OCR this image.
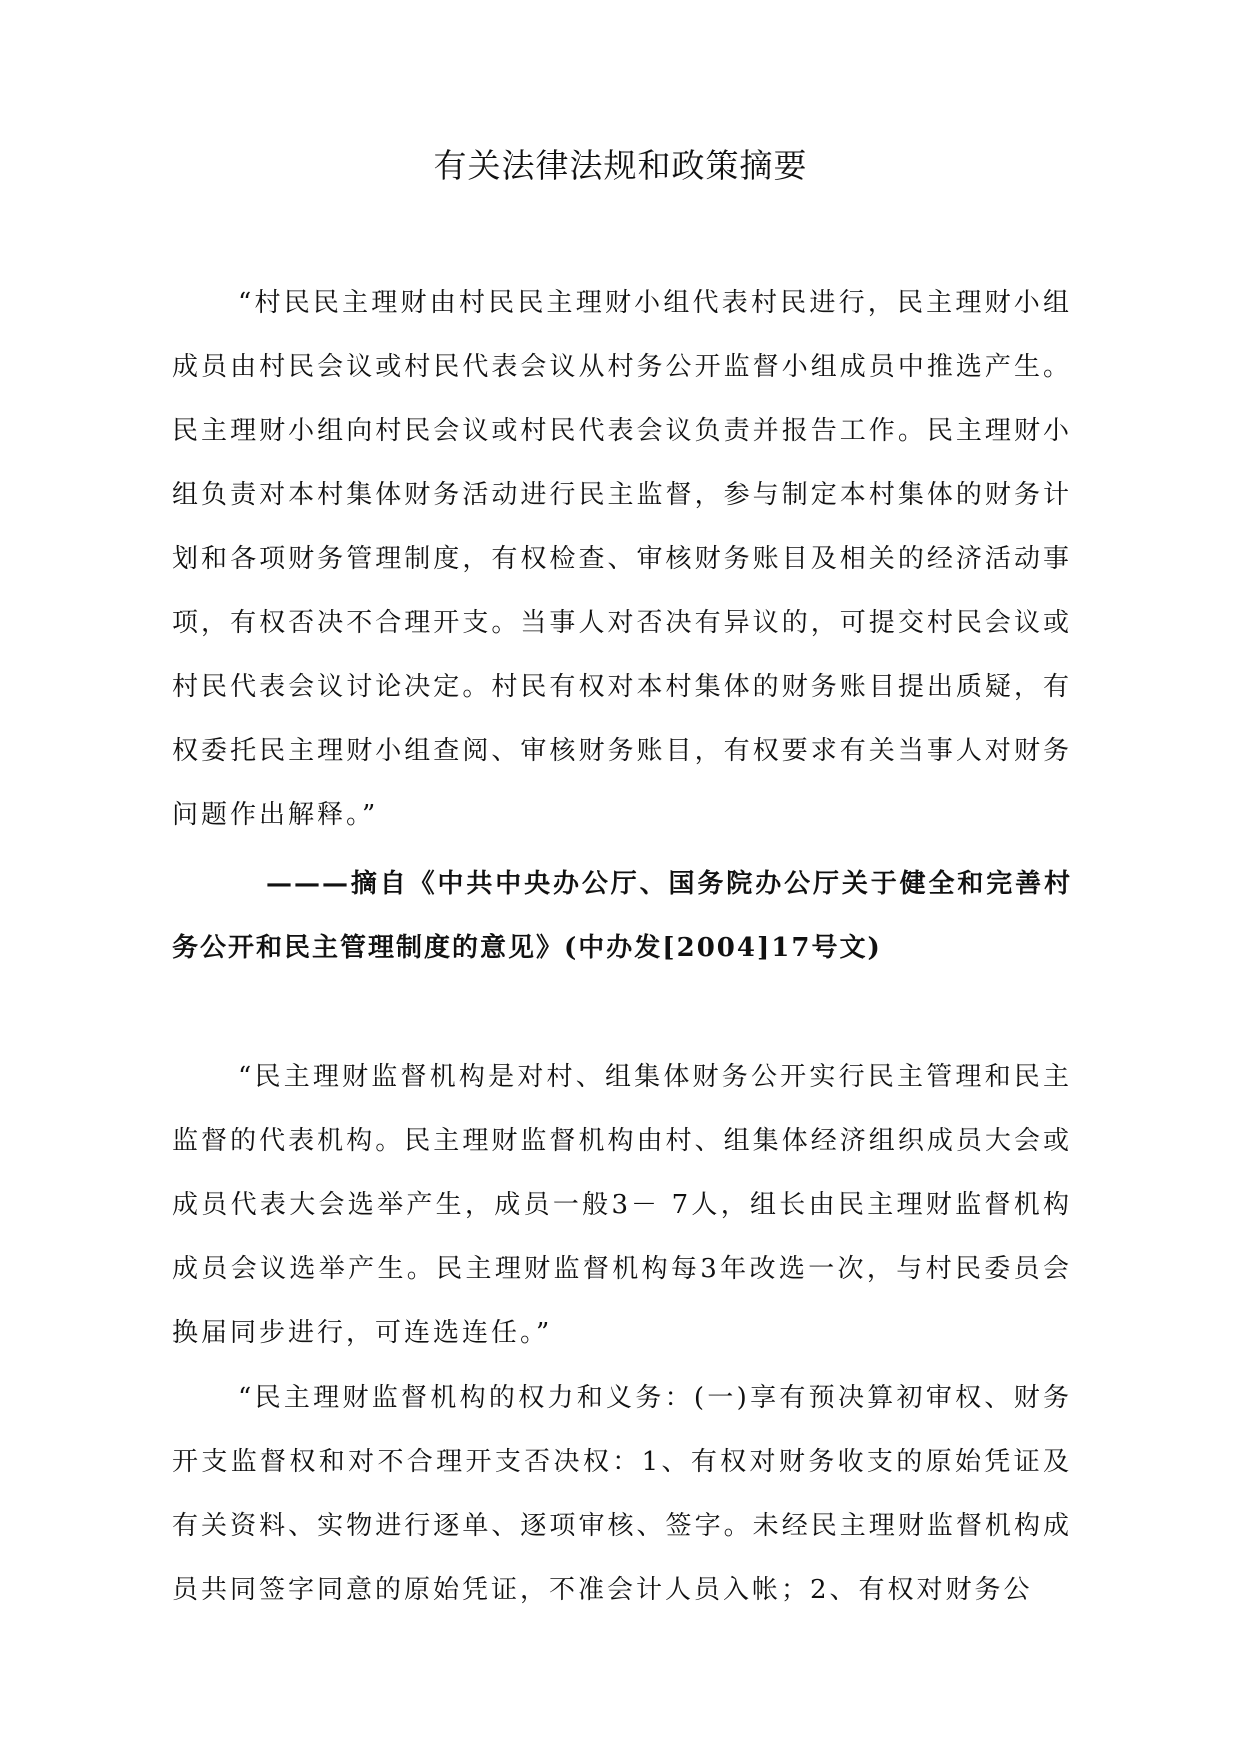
有关法律法规和政策摘要

“村民民主理财由村民民主理财小组代表村民进行，民主理财小组成员由村民会议或村民代表会议从村务公开监督小组成员中推选产生。民主理财小组向村民会议或村民代表会议负责并报告工作。民主理财小组负责对本村集体财务活动进行民主监督，参与制定本村集体的财务计划和各项财务管理制度，有权检查、审核财务账目及相关的经济活动事项，有权否决不合理开支。当事人对否决有异议的，可提交村民会议或村民代表会议讨论决定。村民有权对本村集体的财务账目提出质疑，有权委托民主理财小组查阅、审核财务账目，有权要求有关当事人对财务问题作出解释。”

———摘自《中共中央办公厅、国务院办公厅关于健全和完善村务公开和民主管理制度的意见》(中办发[2004]17号文)

“民主理财监督机构是对村、组集体财务公开实行民主管理和民主监督的代表机构。民主理财监督机构由村、组集体经济组织成员大会或成员代表大会选举产生，成员一般3－ 7人，组长由民主理财监督机构成员会议选举产生。民主理财监督机构每3年改选一次，与村民委员会换届同步进行，可连选连任。”

“民主理财监督机构的权力和义务：(一)享有预决算初审权、财务开支监督权和对不合理开支否决权：1、有权对财务收支的原始凭证及有关资料、实物进行逐单、逐项审核、签字。未经民主理财监督机构成员共同签字同意的原始凭证，不准会计人员入帐；2、有权对财务公
